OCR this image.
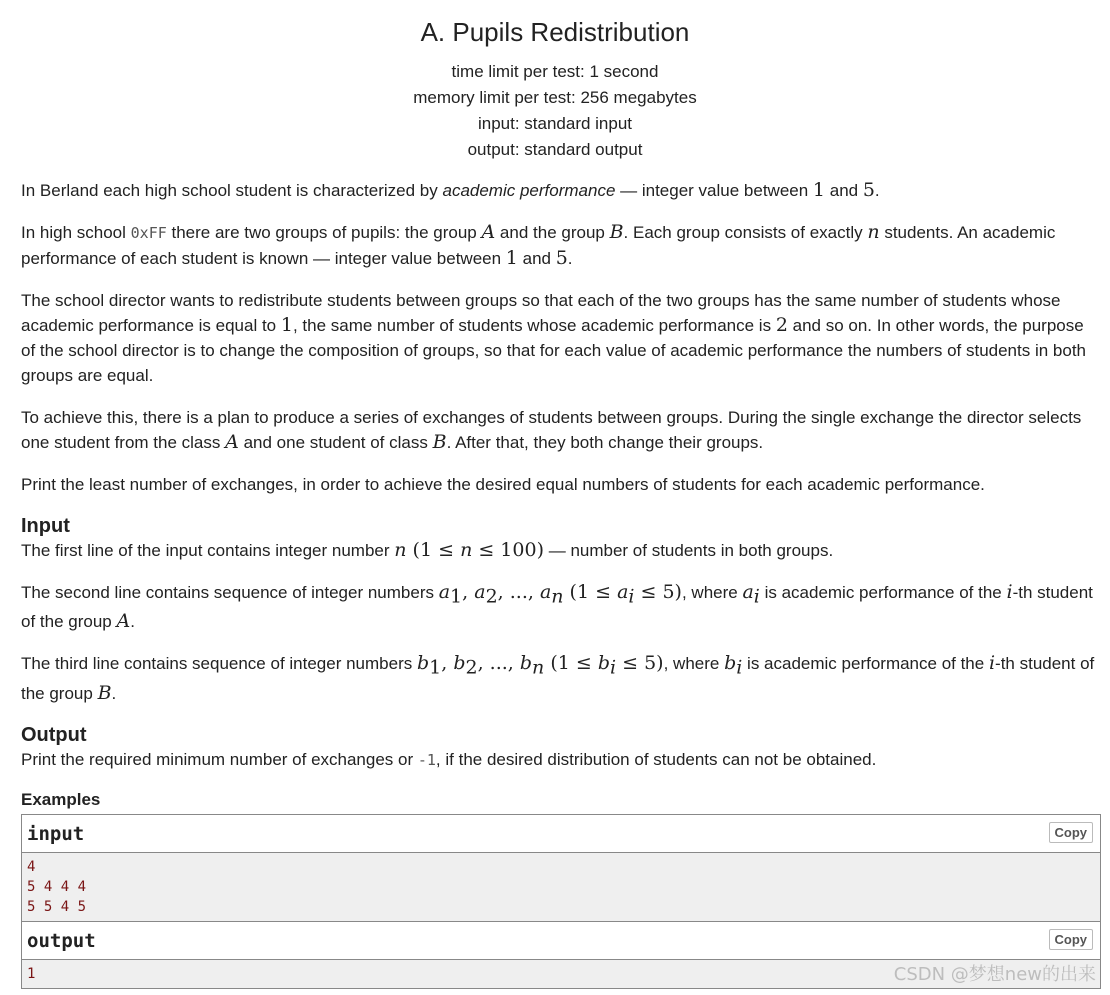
A. Pupils Redistribution
time limit per test: 1 second
memory limit per test: 256 megabytes
input: standard input
output: standard output

In Berland each high school student is characterized by academic performance — integer value between 1 and 5.

In high school 0xFF there are two groups of pupils: the group A and the group B. Each group consists of exactly n students. An academic performance of each student is known — integer value between 1 and 5.

The school director wants to redistribute students between groups so that each of the two groups has the same number of students whose academic performance is equal to 1, the same number of students whose academic performance is 2 and so on. In other words, the purpose of the school director is to change the composition of groups, so that for each value of academic performance the numbers of students in both groups are equal.

To achieve this, there is a plan to produce a series of exchanges of students between groups. During the single exchange the director selects one student from the class A and one student of class B. After that, they both change their groups.

Print the least number of exchanges, in order to achieve the desired equal numbers of students for each academic performance.

Input

The first line of the input contains integer number n (1 ≤ n ≤ 100) — number of students in both groups.

The second line contains sequence of integer numbers $a_1$, $a_2$, ..., $a_n$ $(1 \le a_i \le 5)$, where $a_i$ is academic performance of the i-th student of the group A.

The third line contains sequence of integer numbers $b_1$, $b_2$, ..., $b_n$ $(1 \le b_i \le 5)$, where $b_i$ is academic performance of the i-th student of the group B.

Output

Print the required minimum number of exchanges or -1, if the desired distribution of students can not be obtained.

Examples
input	Copy
4
5 4 4 4
5 5 4 5
output	Copy
1	CSDN @梦想new的出来
